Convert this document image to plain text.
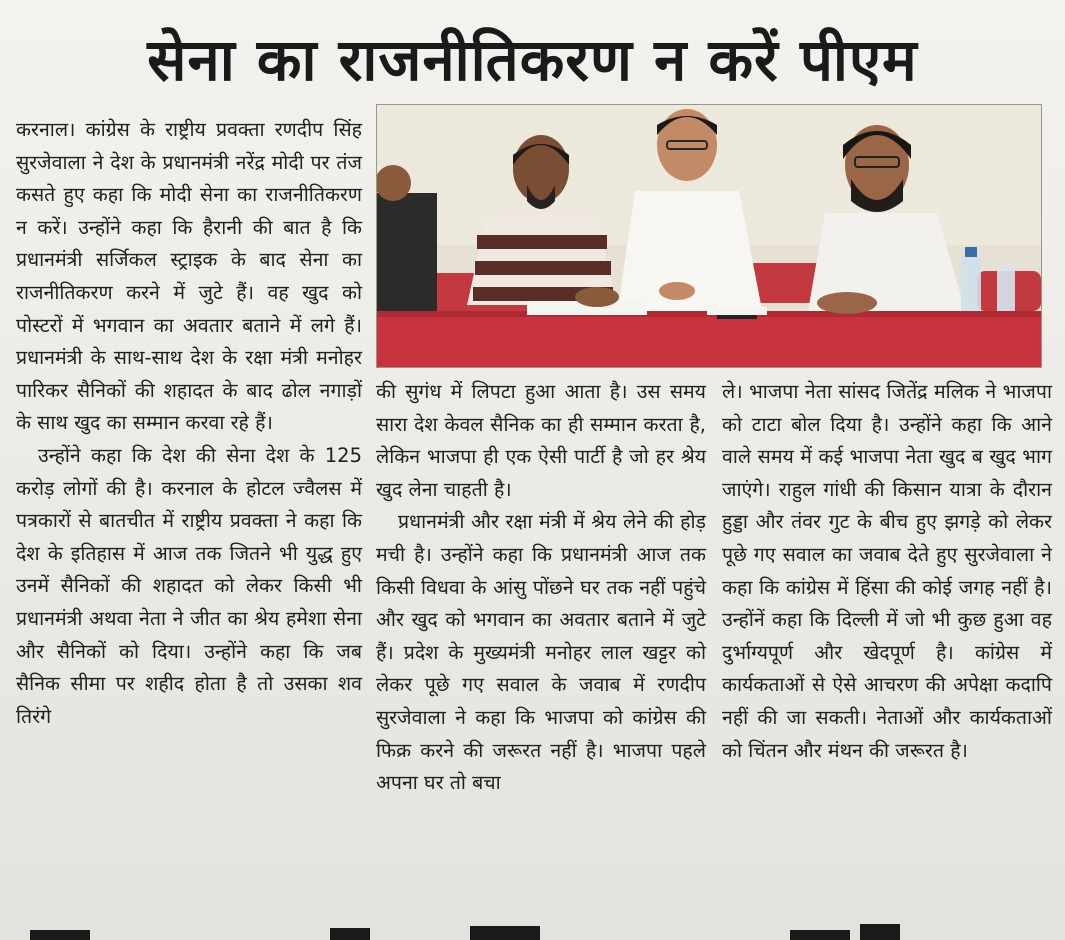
सेना का राजनीतिकरण न करें पीएम

करनाल। कांग्रेस के राष्ट्रीय प्रवक्ता रणदीप सिंह सुरजेवाला ने देश के प्रधानमंत्री नरेंद्र मोदी पर तंज कसते हुए कहा कि मोदी सेना का राजनीतिकरण न करें। उन्होंने कहा कि हैरानी की बात है कि प्रधानमंत्री सर्जिकल स्ट्राइक के बाद सेना का राजनीतिकरण करने में जुटे हैं। वह खुद को पोस्टरों में भगवान का अवतार बताने में लगे हैं। प्रधानमंत्री के साथ-साथ देश के रक्षा मंत्री मनोहर पारिकर सैनिकों की शहादत के बाद ढोल नगाड़ों के साथ खुद का सम्मान करवा रहे हैं।

उन्होंने कहा कि देश की सेना देश के 125 करोड़ लोगों की है। करनाल के होटल ज्वैलस में पत्रकारों से बातचीत में राष्ट्रीय प्रवक्ता ने कहा कि देश के इतिहास में आज तक जितने भी युद्ध हुए उनमें सैनिकों की शहादत को लेकर किसी भी प्रधानमंत्री अथवा नेता ने जीत का श्रेय हमेशा सेना और सैनिकों को दिया। उन्होंने कहा कि जब सैनिक सीमा पर शहीद होता है तो उसका शव तिरंगे

की सुगंध में लिपटा हुआ आता है। उस समय सारा देश केवल सैनिक का ही सम्मान करता है, लेकिन भाजपा ही एक ऐसी पार्टी है जो हर श्रेय खुद लेना चाहती है।

प्रधानमंत्री और रक्षा मंत्री में श्रेय लेने की होड़ मची है। उन्होंने कहा कि प्रधानमंत्री आज तक किसी विधवा के आंसु पोंछने घर तक नहीं पहुंचे और खुद को भगवान का अवतार बताने में जुटे हैं। प्रदेश के मुख्यमंत्री मनोहर लाल खट्टर को लेकर पूछे गए सवाल के जवाब में रणदीप सुरजेवाला ने कहा कि भाजपा को कांग्रेस की फिक्र करने की जरूरत नहीं है। भाजपा पहले अपना घर तो बचा

ले। भाजपा नेता सांसद जितेंद्र मलिक ने भाजपा को टाटा बोल दिया है। उन्होंने कहा कि आने वाले समय में कई भाजपा नेता खुद ब खुद भाग जाएंगे। राहुल गांधी की किसान यात्रा के दौरान हुड्डा और तंवर गुट के बीच हुए झगड़े को लेकर पूछे गए सवाल का जवाब देते हुए सुरजेवाला ने कहा कि कांग्रेस में हिंसा की कोई जगह नहीं है। उन्होंनें कहा कि दिल्ली में जो भी कुछ हुआ वह दुर्भाग्यपूर्ण और खेदपूर्ण है। कांग्रेस में कार्यकताओं से ऐसे आचरण की अपेक्षा कदापि नहीं की जा सकती। नेताओं और कार्यकताओं को चिंतन और मंथन की जरूरत है।
